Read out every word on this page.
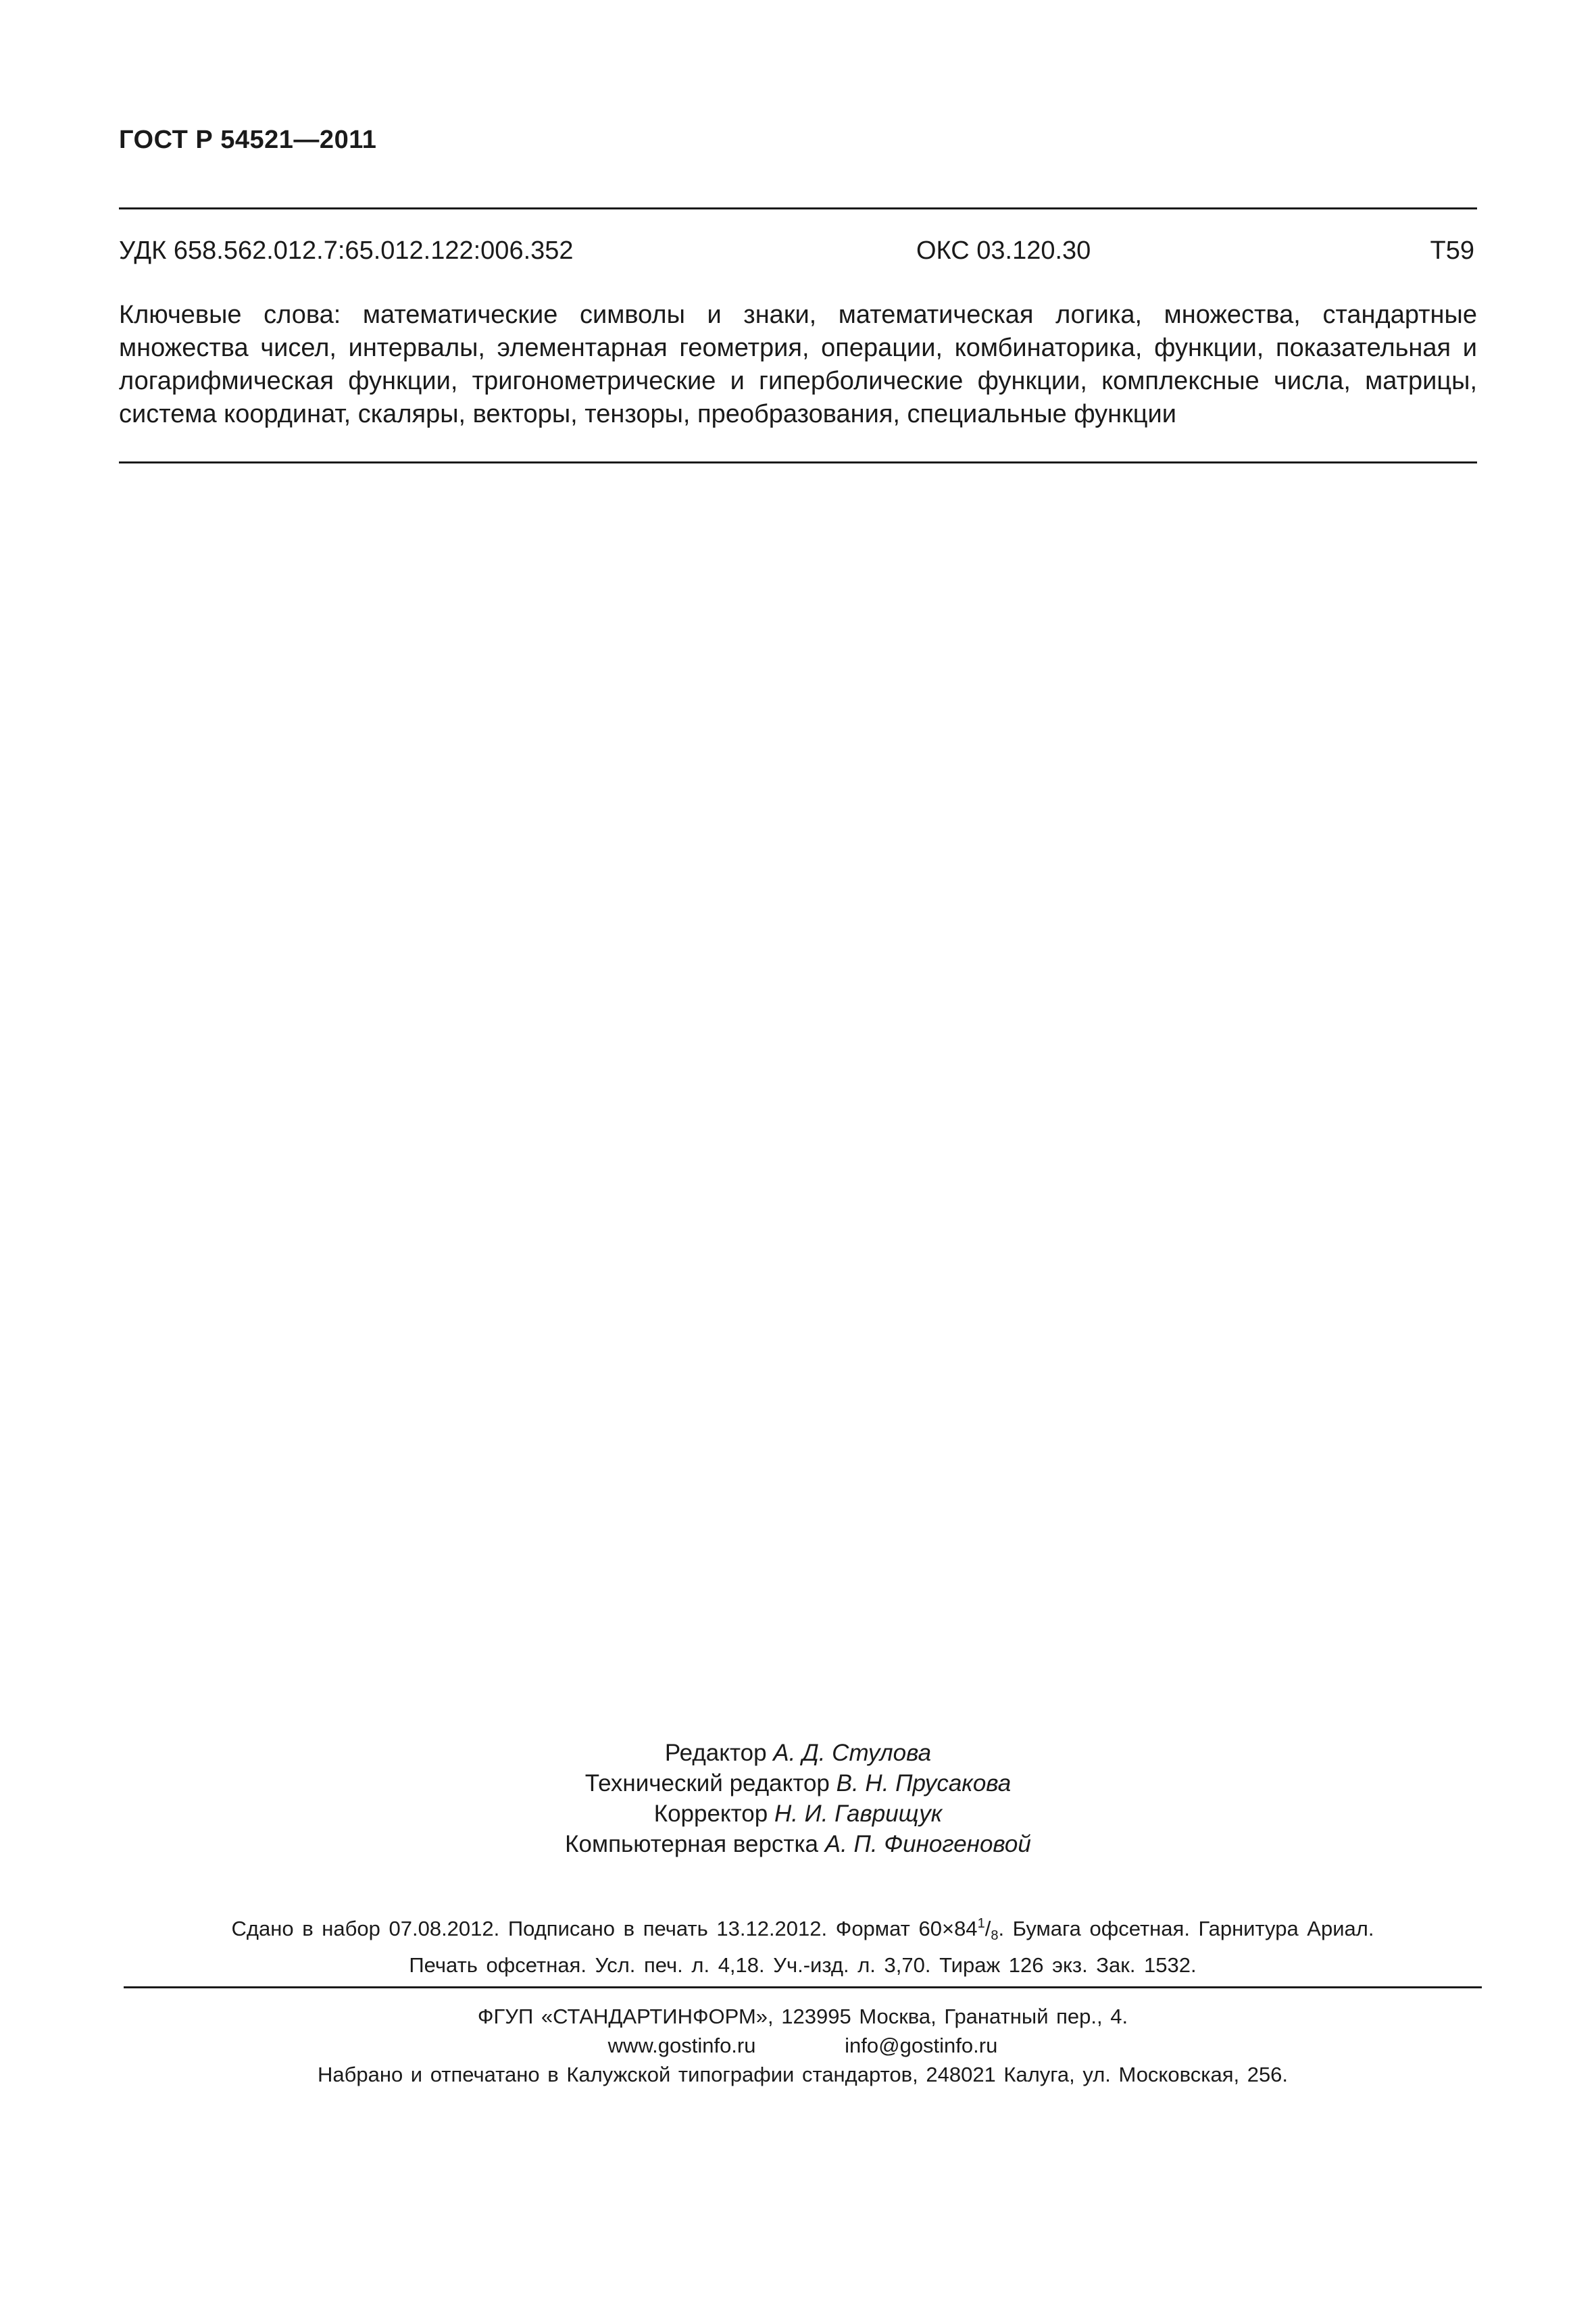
ГОСТ Р 54521—2011
УДК 658.562.012.7:65.012.122:006.352	ОКС 03.120.30	Т59
Ключевые слова: математические символы и знаки, математическая логика, множества, стандартные множества чисел, интервалы, элементарная геометрия, операции, комбинаторика, функции, показательная и логарифмическая функции, тригонометрические и гиперболические функции, комплексные числа, матрицы, система координат, скаляры, векторы, тензоры, преобразования, специальные функции
Редактор А. Д. Стулова
Технический редактор В. Н. Прусакова
Корректор Н. И. Гаврищук
Компьютерная верстка А. П. Финогеновой
Сдано в набор 07.08.2012. Подписано в печать 13.12.2012. Формат $60\times 84^1/_8$. Бумага офсетная. Гарнитура Ариал.
Печать офсетная. Усл. печ. л. 4,18. Уч.-изд. л. 3,70. Тираж 126 экз. Зак. 1532.
ФГУП «СТАНДАРТИНФОРМ», 123995 Москва, Гранатный пер., 4.
www.gostinfo.ru	info@gostinfo.ru
Набрано и отпечатано в Калужской типографии стандартов, 248021 Калуга, ул. Московская, 256.
